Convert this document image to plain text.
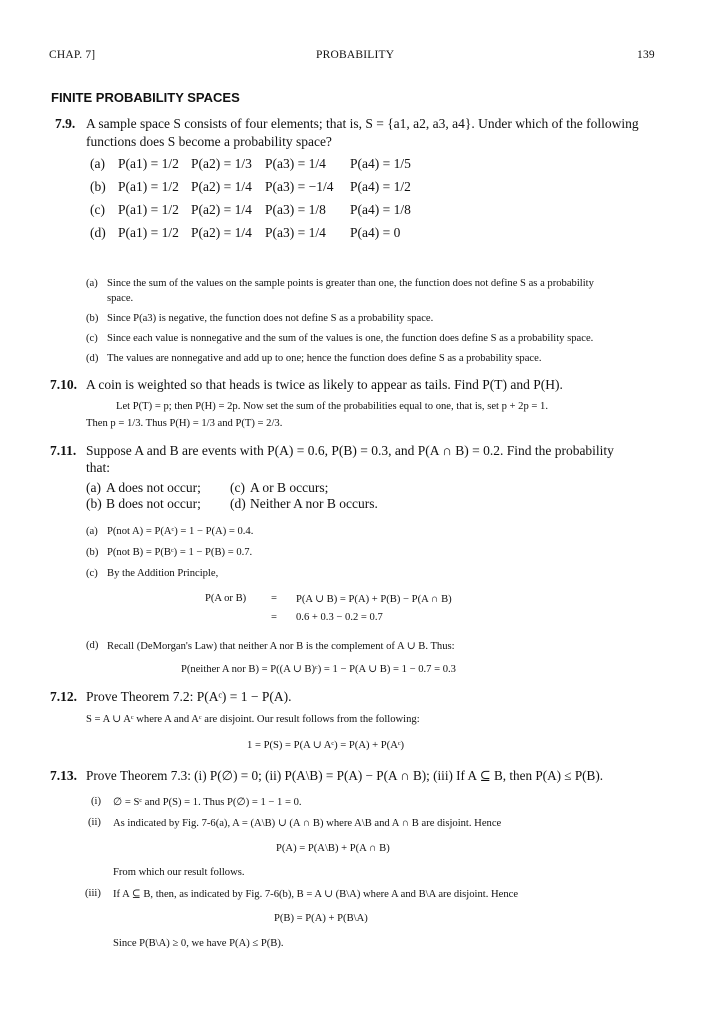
CHAP. 7]	PROBABILITY	139
FINITE PROBABILITY SPACES
7.9. A sample space S consists of four elements; that is, S = {a1, a2, a3, a4}. Under which of the following
functions does S become a probability space?
(a) P(a1) = 1/2 P(a2) = 1/3 P(a3) = 1/4 P(a4) = 1/5
(b) P(a1) = 1/2 P(a2) = 1/4 P(a3) = −1/4 P(a4) = 1/2
(c) P(a1) = 1/2 P(a2) = 1/4 P(a3) = 1/8 P(a4) = 1/8
(d) P(a1) = 1/2 P(a2) = 1/4 P(a3) = 1/4 P(a4) = 0
(a) Since the sum of the values on the sample points is greater than one, the function does not define S as a probability
space.
(b) Since P(a3) is negative, the function does not define S as a probability space.
(c) Since each value is nonnegative and the sum of the values is one, the function does define S as a probability space.
(d) The values are nonnegative and add up to one; hence the function does define S as a probability space.
7.10. A coin is weighted so that heads is twice as likely to appear as tails. Find P(T) and P(H).
Let P(T) = p; then P(H) = 2p. Now set the sum of the probabilities equal to one, that is, set p + 2p = 1.
Then p = 1/3. Thus P(H) = 1/3 and P(T) = 2/3.
7.11. Suppose A and B are events with P(A) = 0.6, P(B) = 0.3, and P(A ∩ B) = 0.2. Find the probability
that:
(a) A does not occur; (c) A or B occurs;
(b) B does not occur; (d) Neither A nor B occurs.
(a) P(not A) = P(Aᶜ) = 1 − P(A) = 0.4.
(b) P(not B) = P(Bᶜ) = 1 − P(B) = 0.7.
(c) By the Addition Principle,
P(A or B) = P(A ∪ B) = P(A) + P(B) − P(A ∩ B)
= 0.6 + 0.3 − 0.2 = 0.7
(d) Recall (DeMorgan's Law) that neither A nor B is the complement of A ∪ B. Thus:
P(neither A nor B) = P((A ∪ B)ᶜ) = 1 − P(A ∪ B) = 1 − 0.7 = 0.3
7.12. Prove Theorem 7.2: P(Aᶜ) = 1 − P(A).
S = A ∪ Aᶜ where A and Aᶜ are disjoint. Our result follows from the following:
1 = P(S) = P(A ∪ Aᶜ) = P(A) + P(Aᶜ)
7.13. Prove Theorem 7.3: (i) P(∅) = 0; (ii) P(A\B) = P(A) − P(A ∩ B); (iii) If A ⊆ B, then P(A) ≤ P(B).
(i) ∅ = Sᶜ and P(S) = 1. Thus P(∅) = 1 − 1 = 0.
(ii) As indicated by Fig. 7-6(a), A = (A\B) ∪ (A ∩ B) where A\B and A ∩ B are disjoint. Hence
P(A) = P(A\B) + P(A ∩ B)
From which our result follows.
(iii) If A ⊆ B, then, as indicated by Fig. 7-6(b), B = A ∪ (B\A) where A and B\A are disjoint. Hence
P(B) = P(A) + P(B\A)
Since P(B\A) ≥ 0, we have P(A) ≤ P(B).
